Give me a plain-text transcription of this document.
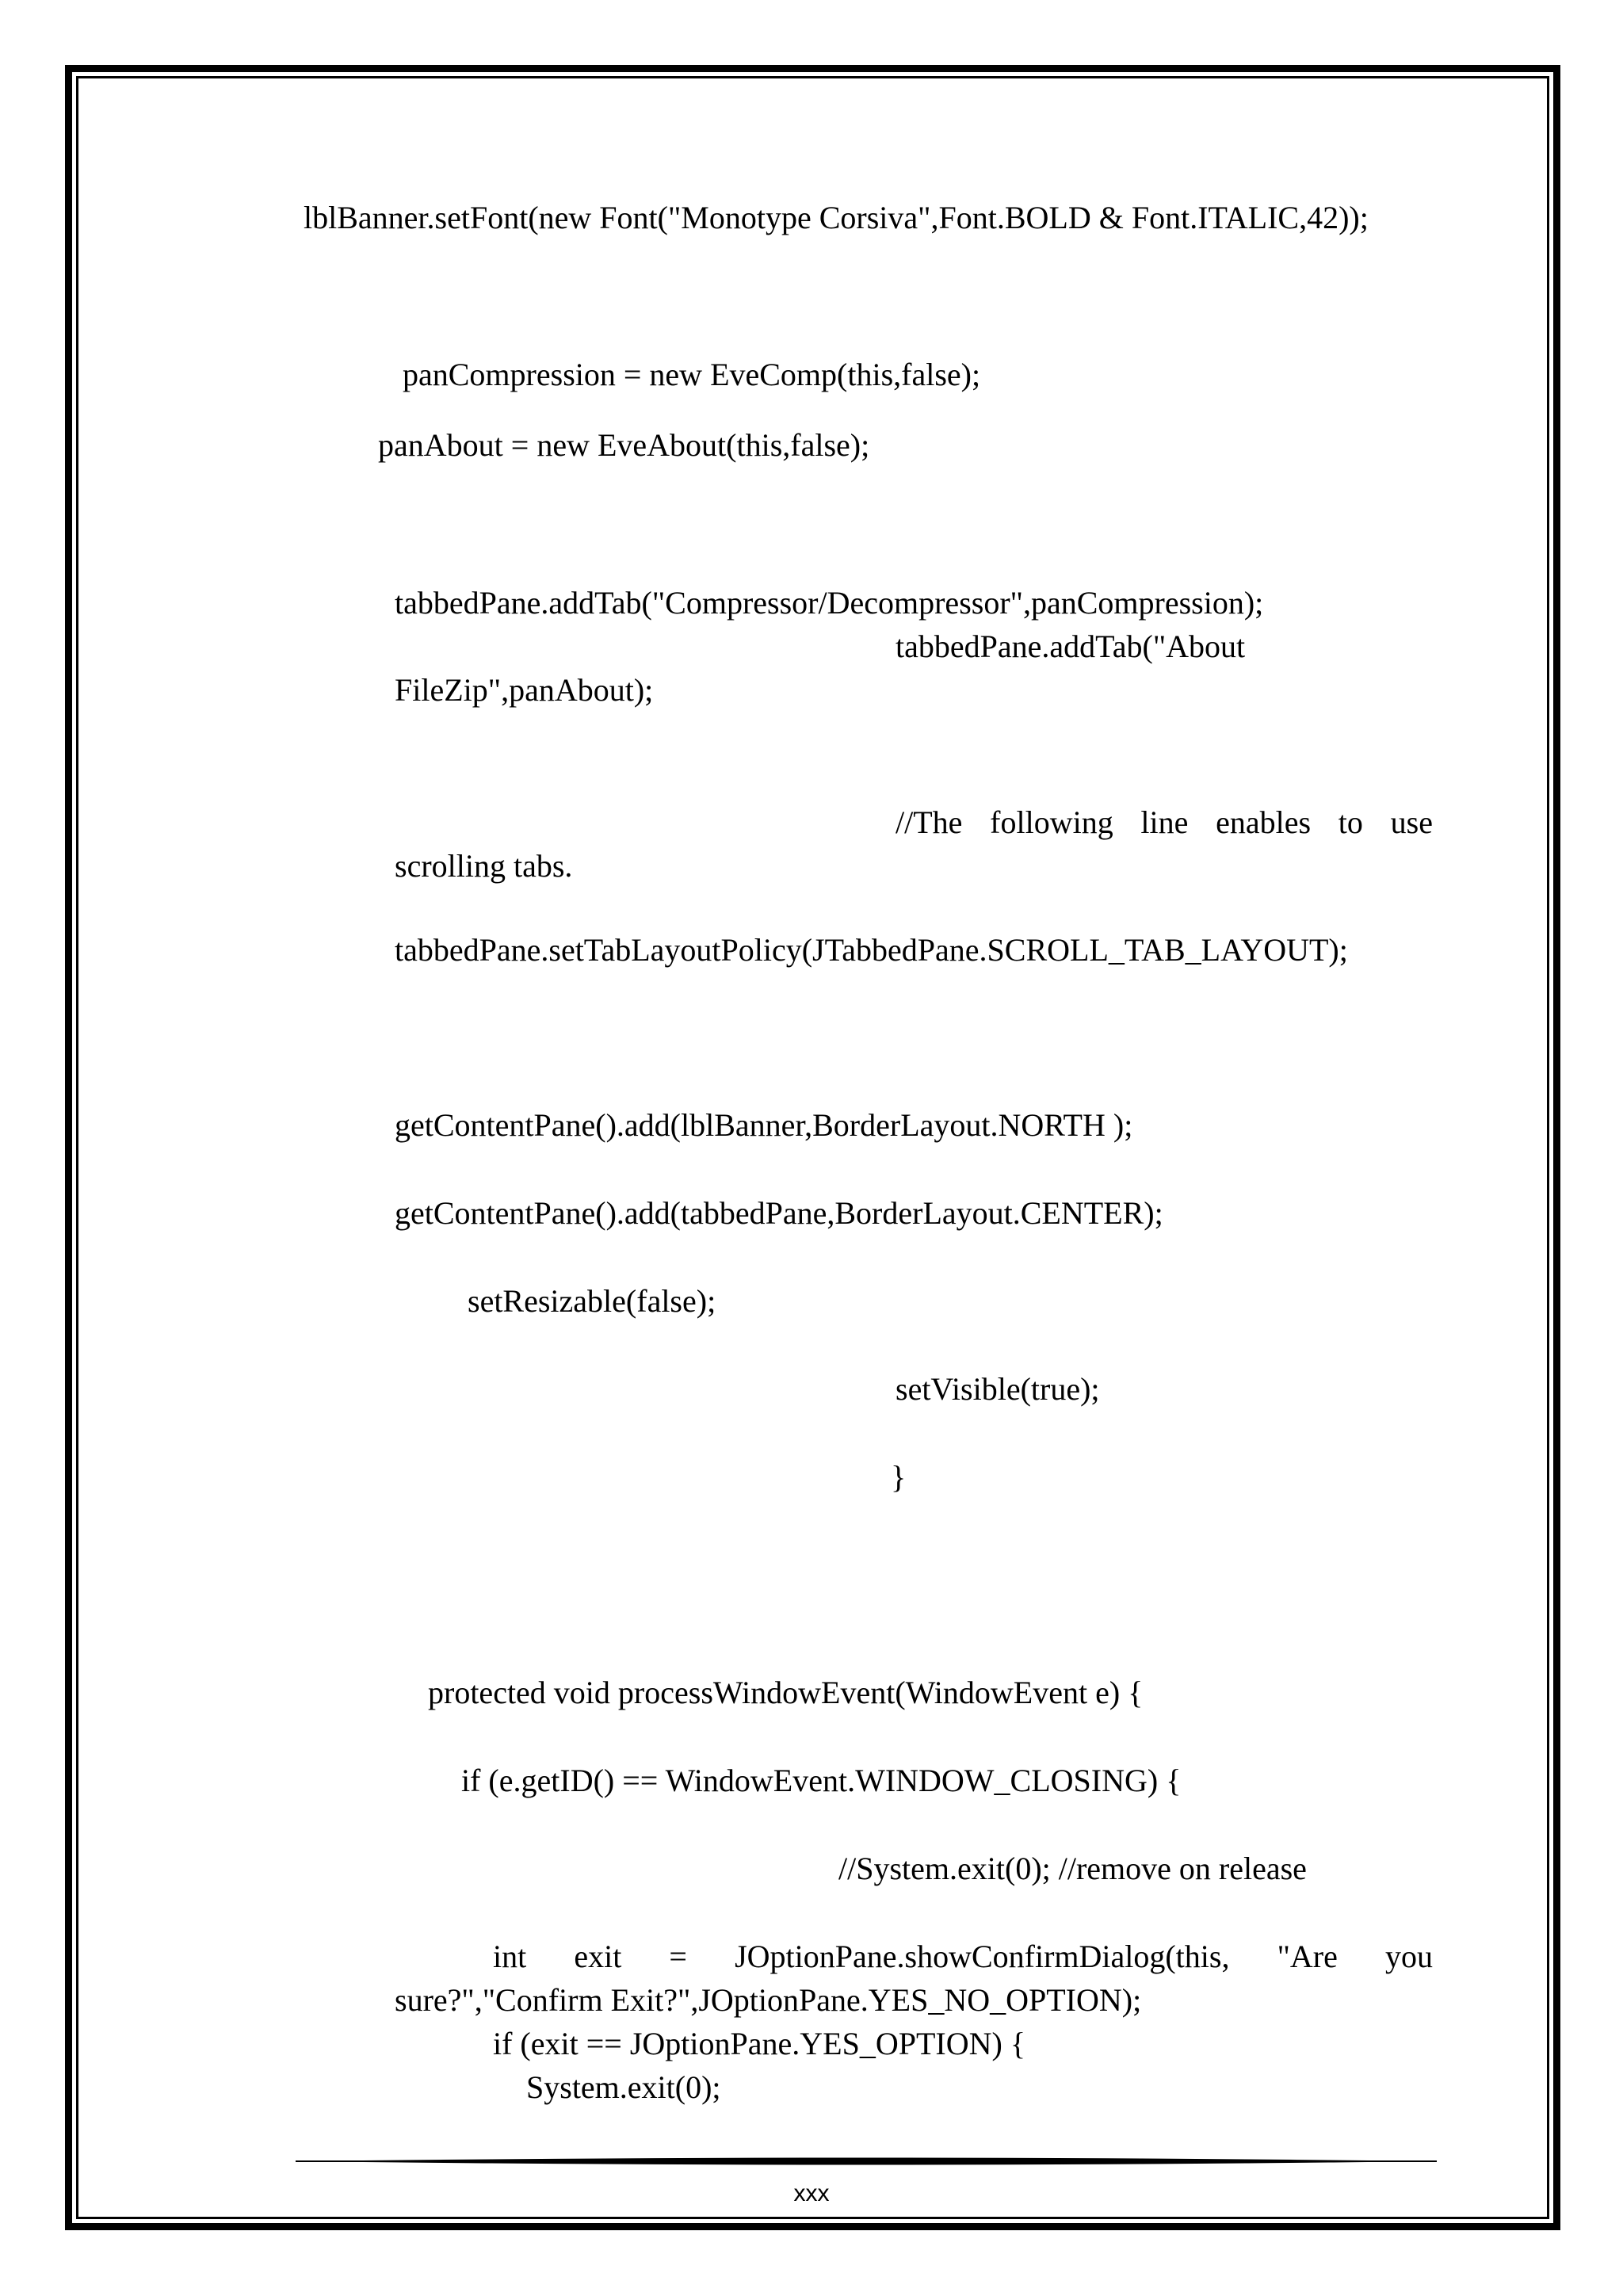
lblBanner.setFont(new Font("Monotype Corsiva",Font.BOLD & Font.ITALIC,42));
panCompression = new EveComp(this,false);
panAbout = new EveAbout(this,false);
tabbedPane.addTab("Compressor/Decompressor",panCompression);
tabbedPane.addTab("About
FileZip",panAbout);
//The following line enables to use
scrolling tabs.
tabbedPane.setTabLayoutPolicy(JTabbedPane.SCROLL_TAB_LAYOUT);
getContentPane().add(lblBanner,BorderLayout.NORTH );
getContentPane().add(tabbedPane,BorderLayout.CENTER);
setResizable(false);
setVisible(true);
}
protected void processWindowEvent(WindowEvent e) {
if (e.getID() == WindowEvent.WINDOW_CLOSING) {
//System.exit(0); //remove on release
int exit = JOptionPane.showConfirmDialog(this, "Are you
sure?","Confirm Exit?",JOptionPane.YES_NO_OPTION);
if (exit == JOptionPane.YES_OPTION) {
System.exit(0);
xxx
